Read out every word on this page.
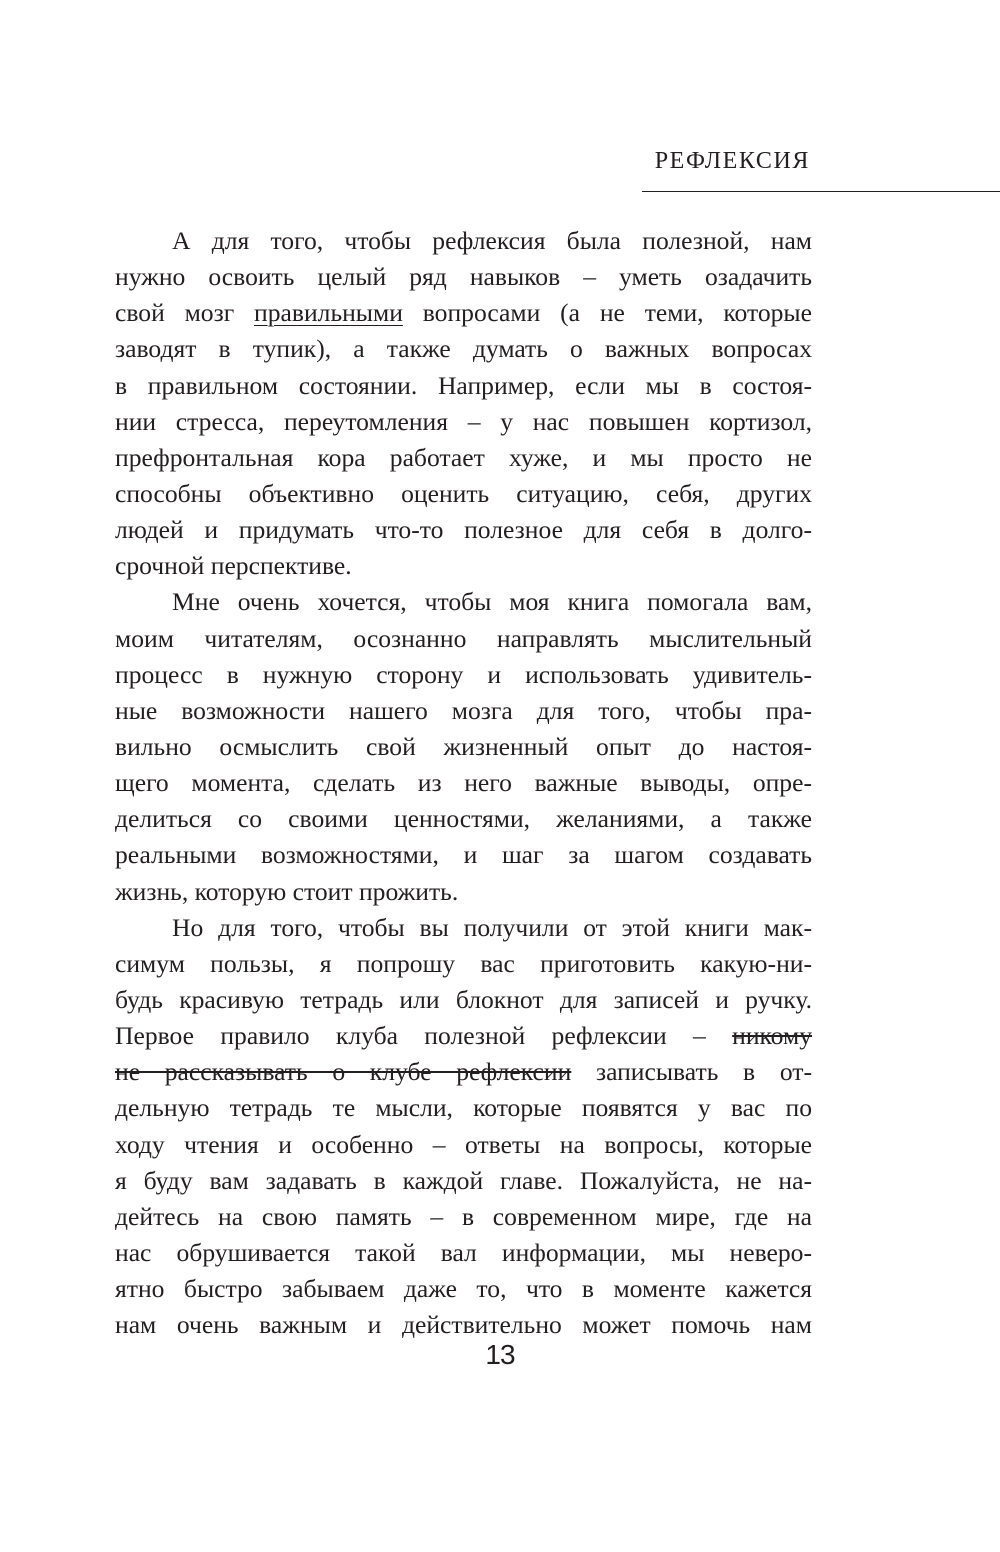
РЕФЛЕКСИЯ
А для того, чтобы рефлексия была полезной, нам
нужно освоить целый ряд навыков – уметь озадачить
свой мозг правильными вопросами (а не теми, которые
заводят в тупик), а также думать о важных вопросах
в правильном состоянии. Например, если мы в состоя-
нии стресса, переутомления – у нас повышен кортизол,
префронтальная кора работает хуже, и мы просто не
способны объективно оценить ситуацию, себя, других
людей и придумать что-то полезное для себя в долго-
срочной перспективе.
Мне очень хочется, чтобы моя книга помогала вам,
моим читателям, осознанно направлять мыслительный
процесс в нужную сторону и использовать удивитель-
ные возможности нашего мозга для того, чтобы пра-
вильно осмыслить свой жизненный опыт до настоя-
щего момента, сделать из него важные выводы, опре-
делиться со своими ценностями, желаниями, а также
реальными возможностями, и шаг за шагом создавать
жизнь, которую стоит прожить.
Но для того, чтобы вы получили от этой книги мак-
симум пользы, я попрошу вас приготовить какую-ни-
будь красивую тетрадь или блокнот для записей и ручку.
Первое правило клуба полезной рефлексии – никому
не рассказывать о клубе рефлексии записывать в от-
дельную тетрадь те мысли, которые появятся у вас по
ходу чтения и особенно – ответы на вопросы, которые
я буду вам задавать в каждой главе. Пожалуйста, не на-
дейтесь на свою память – в современном мире, где на
нас обрушивается такой вал информации, мы неверо-
ятно быстро забываем даже то, что в моменте кажется
нам очень важным и действительно может помочь нам
13
